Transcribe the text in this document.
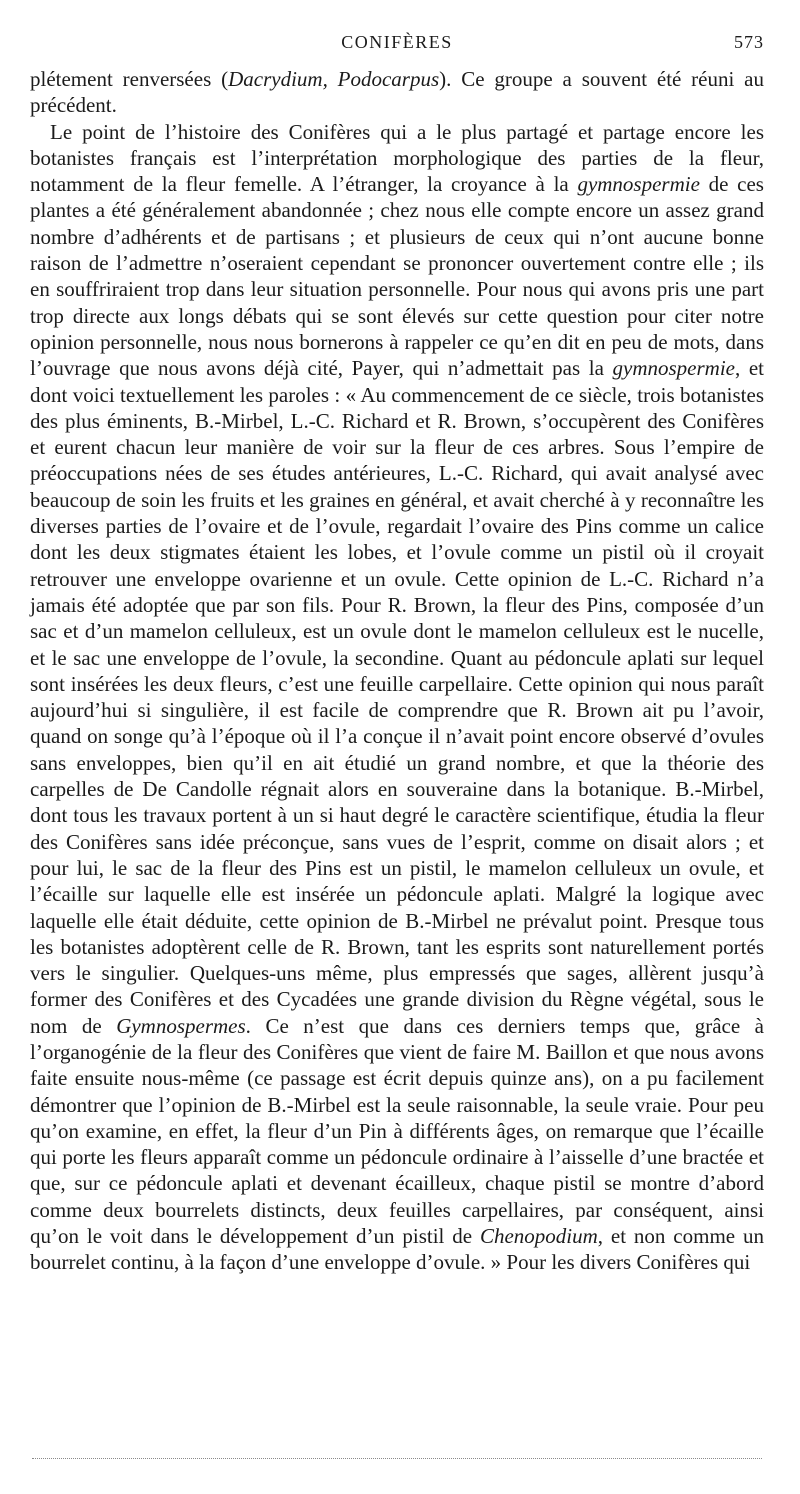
CONIFÈRES	573

plétement renversées (Dacrydium, Podocarpus). Ce groupe a souvent été réuni au précédent.

Le point de l’histoire des Conifères qui a le plus partagé et partage encore les botanistes français est l’interprétation morphologique des parties de la fleur, notamment de la fleur femelle. A l’étranger, la croyance à la gymnospermie de ces plantes a été généralement abandonnée ; chez nous elle compte encore un assez grand nombre d’adhérents et de partisans ; et plusieurs de ceux qui n’ont aucune bonne raison de l’admettre n’oseraient cependant se prononcer ouvertement contre elle ; ils en souffriraient trop dans leur situation personnelle. Pour nous qui avons pris une part trop directe aux longs débats qui se sont élevés sur cette question pour citer notre opinion personnelle, nous nous bornerons à rappeler ce qu’en dit en peu de mots, dans l’ouvrage que nous avons déjà cité, Payer, qui n’admettait pas la gymnospermie, et dont voici textuellement les paroles : « Au commencement de ce siècle, trois botanistes des plus éminents, B.-Mirbel, L.-C. Richard et R. Brown, s’occupèrent des Conifères et eurent chacun leur manière de voir sur la fleur de ces arbres. Sous l’empire de préoccupations nées de ses études antérieures, L.-C. Richard, qui avait analysé avec beaucoup de soin les fruits et les graines en général, et avait cherché à y reconnaître les diverses parties de l’ovaire et de l’ovule, regardait l’ovaire des Pins comme un calice dont les deux stigmates étaient les lobes, et l’ovule comme un pistil où il croyait retrouver une enveloppe ovarienne et un ovule. Cette opinion de L.-C. Richard n’a jamais été adoptée que par son fils. Pour R. Brown, la fleur des Pins, composée d’un sac et d’un mamelon celluleux, est un ovule dont le mamelon celluleux est le nucelle, et le sac une enveloppe de l’ovule, la secondine. Quant au pédoncule aplati sur lequel sont insérées les deux fleurs, c’est une feuille carpellaire. Cette opinion qui nous paraît aujourd’hui si singulière, il est facile de comprendre que R. Brown ait pu l’avoir, quand on songe qu’à l’époque où il l’a conçue il n’avait point encore observé d’ovules sans enveloppes, bien qu’il en ait étudié un grand nombre, et que la théorie des carpelles de De Candolle régnait alors en souveraine dans la botanique. B.-Mirbel, dont tous les travaux portent à un si haut degré le caractère scientifique, étudia la fleur des Conifères sans idée préconçue, sans vues de l’esprit, comme on disait alors ; et pour lui, le sac de la fleur des Pins est un pistil, le mamelon celluleux un ovule, et l’écaille sur laquelle elle est insérée un pédoncule aplati. Malgré la logique avec laquelle elle était déduite, cette opinion de B.-Mirbel ne prévalut point. Presque tous les botanistes adoptèrent celle de R. Brown, tant les esprits sont naturellement portés vers le singulier. Quelques-uns même, plus empressés que sages, allèrent jusqu’à former des Conifères et des Cycadées une grande division du Règne végétal, sous le nom de Gymnospermes. Ce n’est que dans ces derniers temps que, grâce à l’organogénie de la fleur des Conifères que vient de faire M. Baillon et que nous avons faite ensuite nous-même (ce passage est écrit depuis quinze ans), on a pu facilement démontrer que l’opinion de B.-Mirbel est la seule raisonnable, la seule vraie. Pour peu qu’on examine, en effet, la fleur d’un Pin à différents âges, on remarque que l’écaille qui porte les fleurs apparaît comme un pédoncule ordinaire à l’aisselle d’une bractée et que, sur ce pédoncule aplati et devenant écailleux, chaque pistil se montre d’abord comme deux bourrelets distincts, deux feuilles carpellaires, par conséquent, ainsi qu’on le voit dans le développement d’un pistil de Chenopodium, et non comme un bourrelet continu, à la façon d’une enveloppe d’ovule. » Pour les divers Conifères qui
